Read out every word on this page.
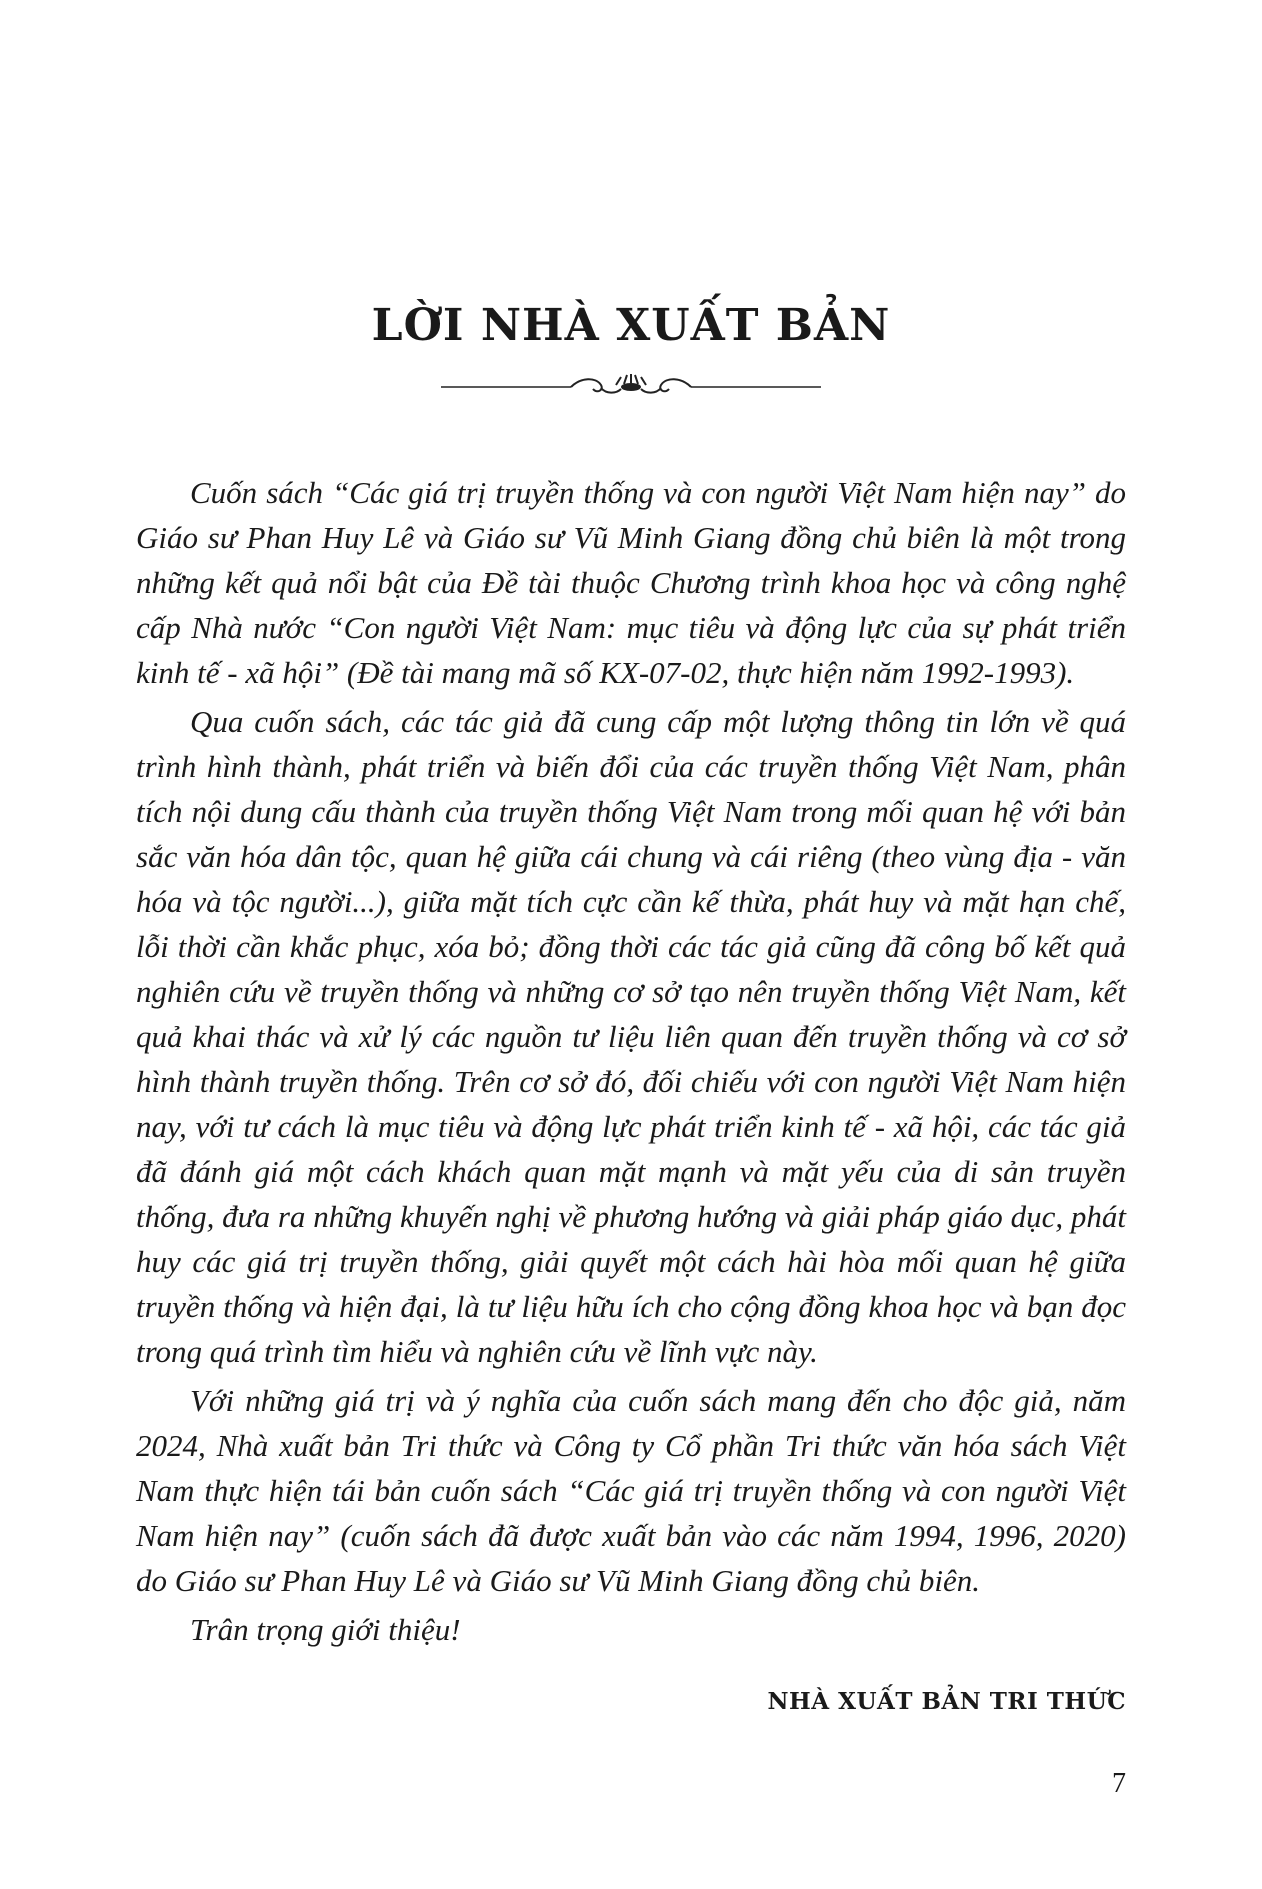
LỜI NHÀ XUẤT BẢN

Cuốn sách “Các giá trị truyền thống và con người Việt Nam hiện nay” do Giáo sư Phan Huy Lê và Giáo sư Vũ Minh Giang đồng chủ biên là một trong những kết quả nổi bật của Đề tài thuộc Chương trình khoa học và công nghệ cấp Nhà nước “Con người Việt Nam: mục tiêu và động lực của sự phát triển kinh tế - xã hội” (Đề tài mang mã số KX-07-02, thực hiện năm 1992-1993).

Qua cuốn sách, các tác giả đã cung cấp một lượng thông tin lớn về quá trình hình thành, phát triển và biến đổi của các truyền thống Việt Nam, phân tích nội dung cấu thành của truyền thống Việt Nam trong mối quan hệ với bản sắc văn hóa dân tộc, quan hệ giữa cái chung và cái riêng (theo vùng địa - văn hóa và tộc người...), giữa mặt tích cực cần kế thừa, phát huy và mặt hạn chế, lỗi thời cần khắc phục, xóa bỏ; đồng thời các tác giả cũng đã công bố kết quả nghiên cứu về truyền thống và những cơ sở tạo nên truyền thống Việt Nam, kết quả khai thác và xử lý các nguồn tư liệu liên quan đến truyền thống và cơ sở hình thành truyền thống. Trên cơ sở đó, đối chiếu với con người Việt Nam hiện nay, với tư cách là mục tiêu và động lực phát triển kinh tế - xã hội, các tác giả đã đánh giá một cách khách quan mặt mạnh và mặt yếu của di sản truyền thống, đưa ra những khuyến nghị về phương hướng và giải pháp giáo dục, phát huy các giá trị truyền thống, giải quyết một cách hài hòa mối quan hệ giữa truyền thống và hiện đại, là tư liệu hữu ích cho cộng đồng khoa học và bạn đọc trong quá trình tìm hiểu và nghiên cứu về lĩnh vực này.

Với những giá trị và ý nghĩa của cuốn sách mang đến cho độc giả, năm 2024, Nhà xuất bản Tri thức và Công ty Cổ phần Tri thức văn hóa sách Việt Nam thực hiện tái bản cuốn sách “Các giá trị truyền thống và con người Việt Nam hiện nay” (cuốn sách đã được xuất bản vào các năm 1994, 1996, 2020) do Giáo sư Phan Huy Lê và Giáo sư Vũ Minh Giang đồng chủ biên.

Trân trọng giới thiệu!

NHÀ XUẤT BẢN TRI THỨC
7
